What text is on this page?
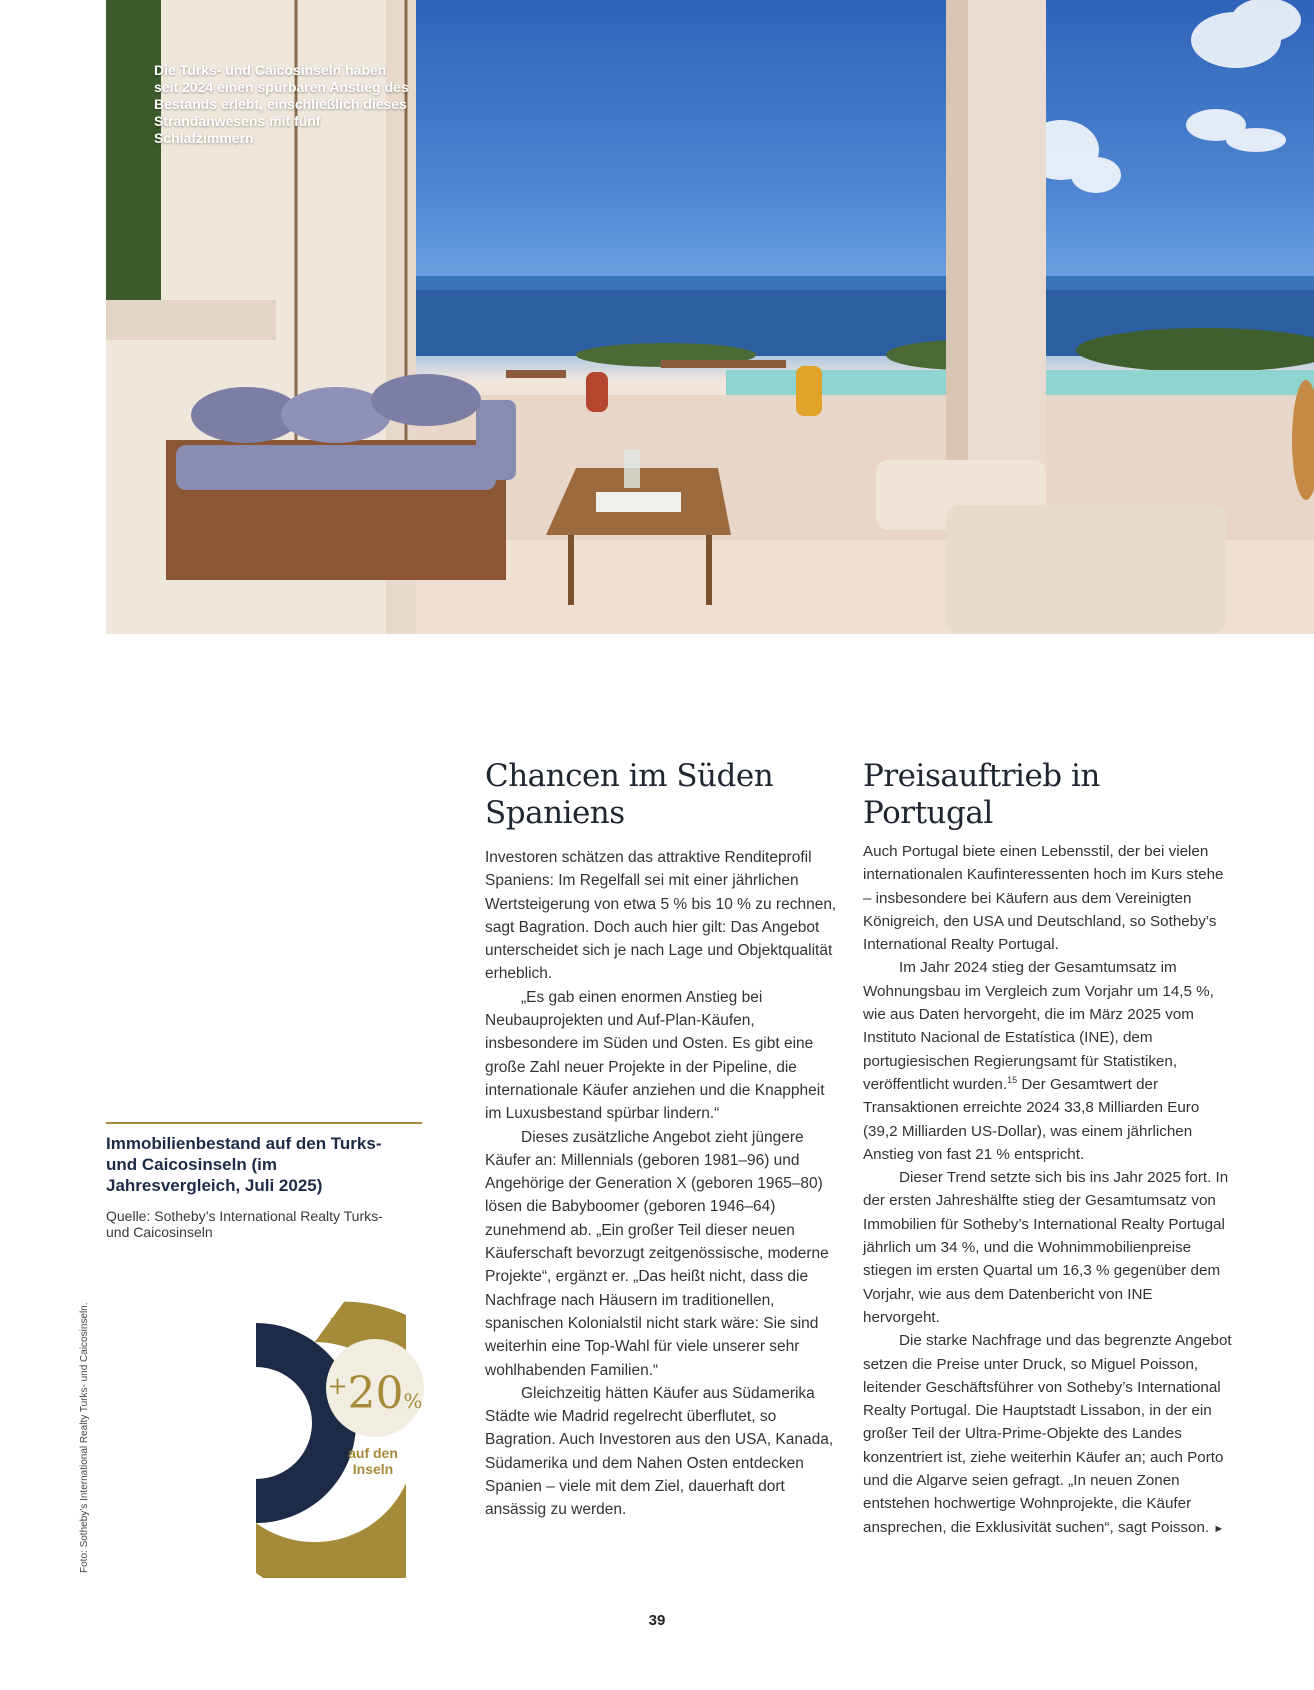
Die Turks- und Caicosinseln haben seit 2024 einen spürbaren Anstieg des Bestands erlebt, einschließlich dieses Strandanwesens mit fünf Schlafzimmern
Immobilienbestand auf den Turks- und Caicosinseln (im Jahresvergleich, Juli 2025)
Quelle: Sotheby’s International Realty Turks- und Caicosinseln
+20%
auf den Inseln
2024
2025
Foto: Sotheby’s International Realty Turks- und Caicosinseln.
Chancen im Süden Spaniens

Investoren schätzen das attraktive Renditeprofil Spaniens: Im Regelfall sei mit einer jährlichen Wertsteigerung von etwa 5 % bis 10 % zu rechnen, sagt Bagration. Doch auch hier gilt: Das Angebot unterscheidet sich je nach Lage und Objektqualität erheblich.

„Es gab einen enormen Anstieg bei Neubauprojekten und Auf-Plan-Käufen, insbesondere im Süden und Osten. Es gibt eine große Zahl neuer Projekte in der Pipeline, die internationale Käufer anziehen und die Knappheit im Luxusbestand spürbar lindern.“

Dieses zusätzliche Angebot zieht jüngere Käufer an: Millennials (geboren 1981–96) und Angehörige der Generation X (geboren 1965–80) lösen die Babyboomer (geboren 1946–64) zunehmend ab. „Ein großer Teil dieser neuen Käuferschaft bevorzugt zeitgenössische, moderne Projekte“, ergänzt er. „Das heißt nicht, dass die Nachfrage nach Häusern im traditionellen, spanischen Kolonialstil nicht stark wäre: Sie sind weiterhin eine Top-Wahl für viele unserer sehr wohlhabenden Familien.“

Gleichzeitig hätten Käufer aus Südamerika Städte wie Madrid regelrecht überflutet, so Bagration. Auch Investoren aus den USA, Kanada, Südamerika und dem Nahen Osten entdecken Spanien – viele mit dem Ziel, dauerhaft dort ansässig zu werden.

Preisauftrieb in Portugal

Auch Portugal biete einen Lebensstil, der bei vielen internationalen Kaufinteressenten hoch im Kurs stehe – insbesondere bei Käufern aus dem Vereinigten Königreich, den USA und Deutschland, so Sotheby’s International Realty Portugal.

Im Jahr 2024 stieg der Gesamtumsatz im Wohnungsbau im Vergleich zum Vorjahr um 14,5 %, wie aus Daten hervorgeht, die im März 2025 vom Instituto Nacional de Estatística (INE), dem portugiesischen Regierungsamt für Statistiken, veröffentlicht wurden.$^{15}$ Der Gesamtwert der Transaktionen erreichte 2024 33,8 Milliarden Euro (39,2 Milliarden US-Dollar), was einem jährlichen Anstieg von fast 21 % entspricht.

Dieser Trend setzte sich bis ins Jahr 2025 fort. In der ersten Jahreshälfte stieg der Gesamtumsatz von Immobilien für Sotheby’s International Realty Portugal jährlich um 34 %, und die Wohnimmobilienpreise stiegen im ersten Quartal um 16,3 % gegenüber dem Vorjahr, wie aus dem Datenbericht von INE hervorgeht.

Die starke Nachfrage und das begrenzte Angebot setzen die Preise unter Druck, so Miguel Poisson, leitender Geschäftsführer von Sotheby’s International Realty Portugal. Die Hauptstadt Lissabon, in der ein großer Teil der Ultra-Prime-Objekte des Landes konzentriert ist, ziehe weiterhin Käufer an; auch Porto und die Algarve seien gefragt. „In neuen Zonen entstehen hochwertige Wohnprojekte, die Käufer ansprechen, die Exklusivität suchen“, sagt Poisson. ►

39
